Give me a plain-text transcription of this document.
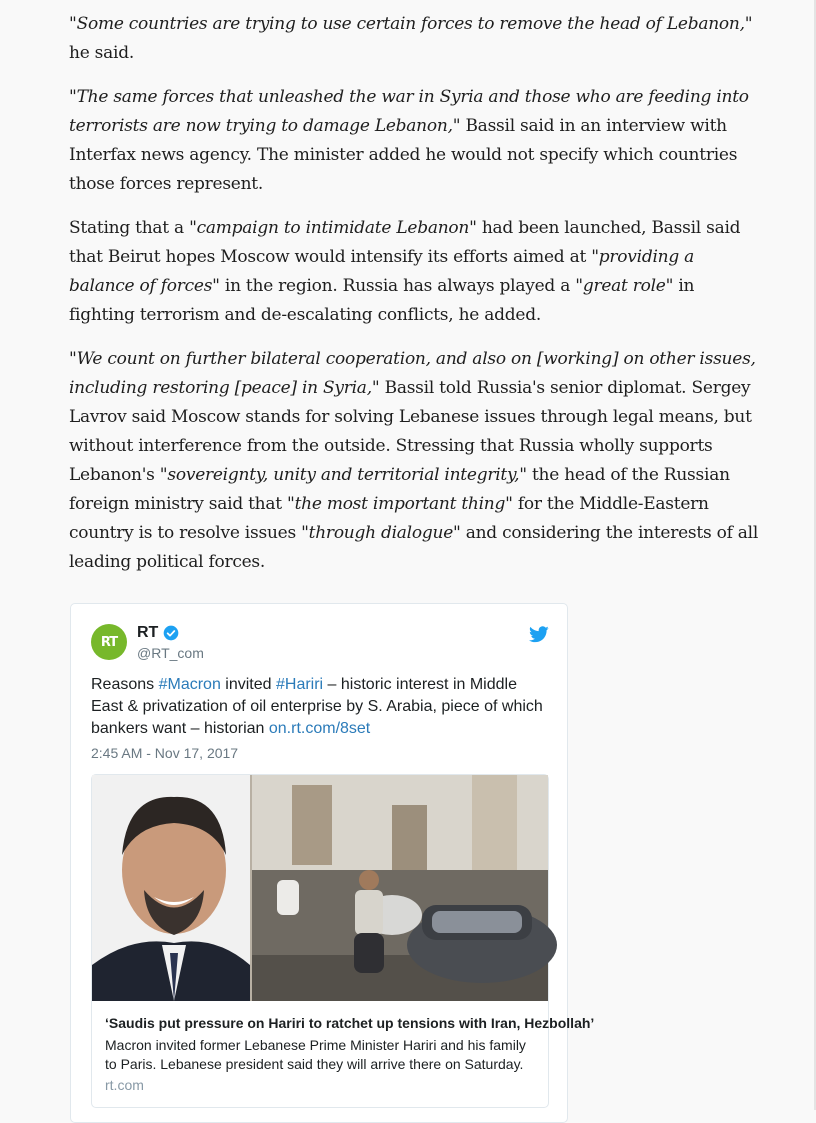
"Some countries are trying to use certain forces to remove the head of Lebanon," he said.

"The same forces that unleashed the war in Syria and those who are feeding into terrorists are now trying to damage Lebanon," Bassil said in an interview with Interfax news agency. The minister added he would not specify which countries those forces represent.

Stating that a "campaign to intimidate Lebanon" had been launched, Bassil said that Beirut hopes Moscow would intensify its efforts aimed at "providing a balance of forces" in the region. Russia has always played a "great role" in fighting terrorism and de-escalating conflicts, he added.

"We count on further bilateral cooperation, and also on [working] on other issues, including restoring [peace] in Syria," Bassil told Russia's senior diplomat. Sergey Lavrov said Moscow stands for solving Lebanese issues through legal means, but without interference from the outside. Stressing that Russia wholly supports Lebanon's "sovereignty, unity and territorial integrity," the head of the Russian foreign ministry said that "the most important thing" for the Middle-Eastern country is to resolve issues "through dialogue" and considering the interests of all leading political forces.

RT
RT
@RT_com
Reasons #Macron invited #Hariri – historic interest in Middle East & privatization of oil enterprise by S. Arabia, piece of which bankers want – historian on.rt.com/8set
2:45 AM - Nov 17, 2017
‘Saudis put pressure on Hariri to ratchet up tensions with Iran, Hezbollah’
Macron invited former Lebanese Prime Minister Hariri and his family to Paris. Lebanese president said they will arrive there on Saturday.
rt.com
